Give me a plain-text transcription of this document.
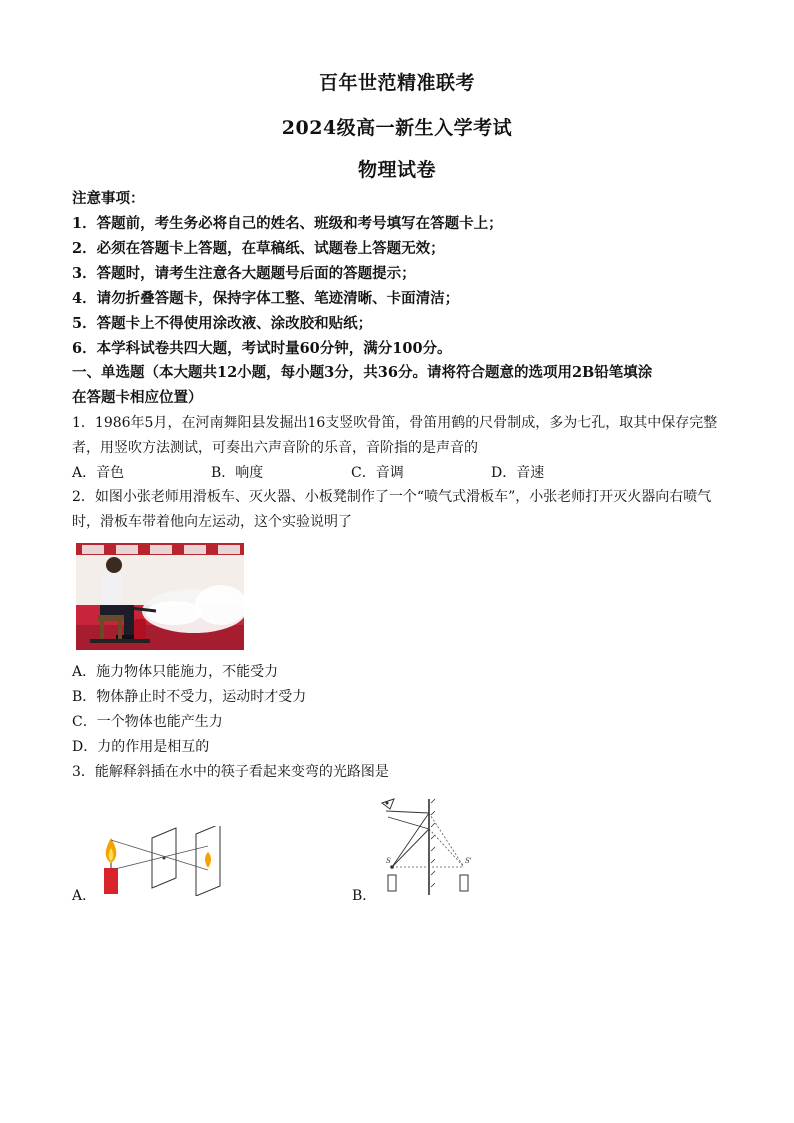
百年世范精准联考
2024级高一新生入学考试
物理试卷
注意事项：
1．答题前，考生务必将自己的姓名、班级和考号填写在答题卡上；
2．必须在答题卡上答题，在草稿纸、试题卷上答题无效；
3．答题时，请考生注意各大题题号后面的答题提示；
4．请勿折叠答题卡，保持字体工整、笔迹清晰、卡面清洁；
5．答题卡上不得使用涂改液、涂改胶和贴纸；
6．本学科试卷共四大题，考试时量60分钟，满分100分。
一、单选题（本大题共12小题，每小题3分，共36分。请将符合题意的选项用2B铅笔填涂
在答题卡相应位置）
1．1986年5月，在河南舞阳县发掘出16支竖吹骨笛，骨笛用鹤的尺骨制成，多为七孔，取其中保存完整
者，用竖吹方法测试，可奏出六声音阶的乐音，音阶指的是声音的
A．音色	B．响度	C．音调	D．音速
2．如图小张老师用滑板车、灭火器、小板凳制作了一个“喷气式滑板车”，小张老师打开灭火器向右喷气
时，滑板车带着他向左运动，这个实验说明了
A．施力物体只能施力，不能受力
B．物体静止时不受力，运动时才受力
C．一个物体也能产生力
D．力的作用是相互的
3．能解释斜插在水中的筷子看起来变弯的光路图是
A．
S	S'
B．
